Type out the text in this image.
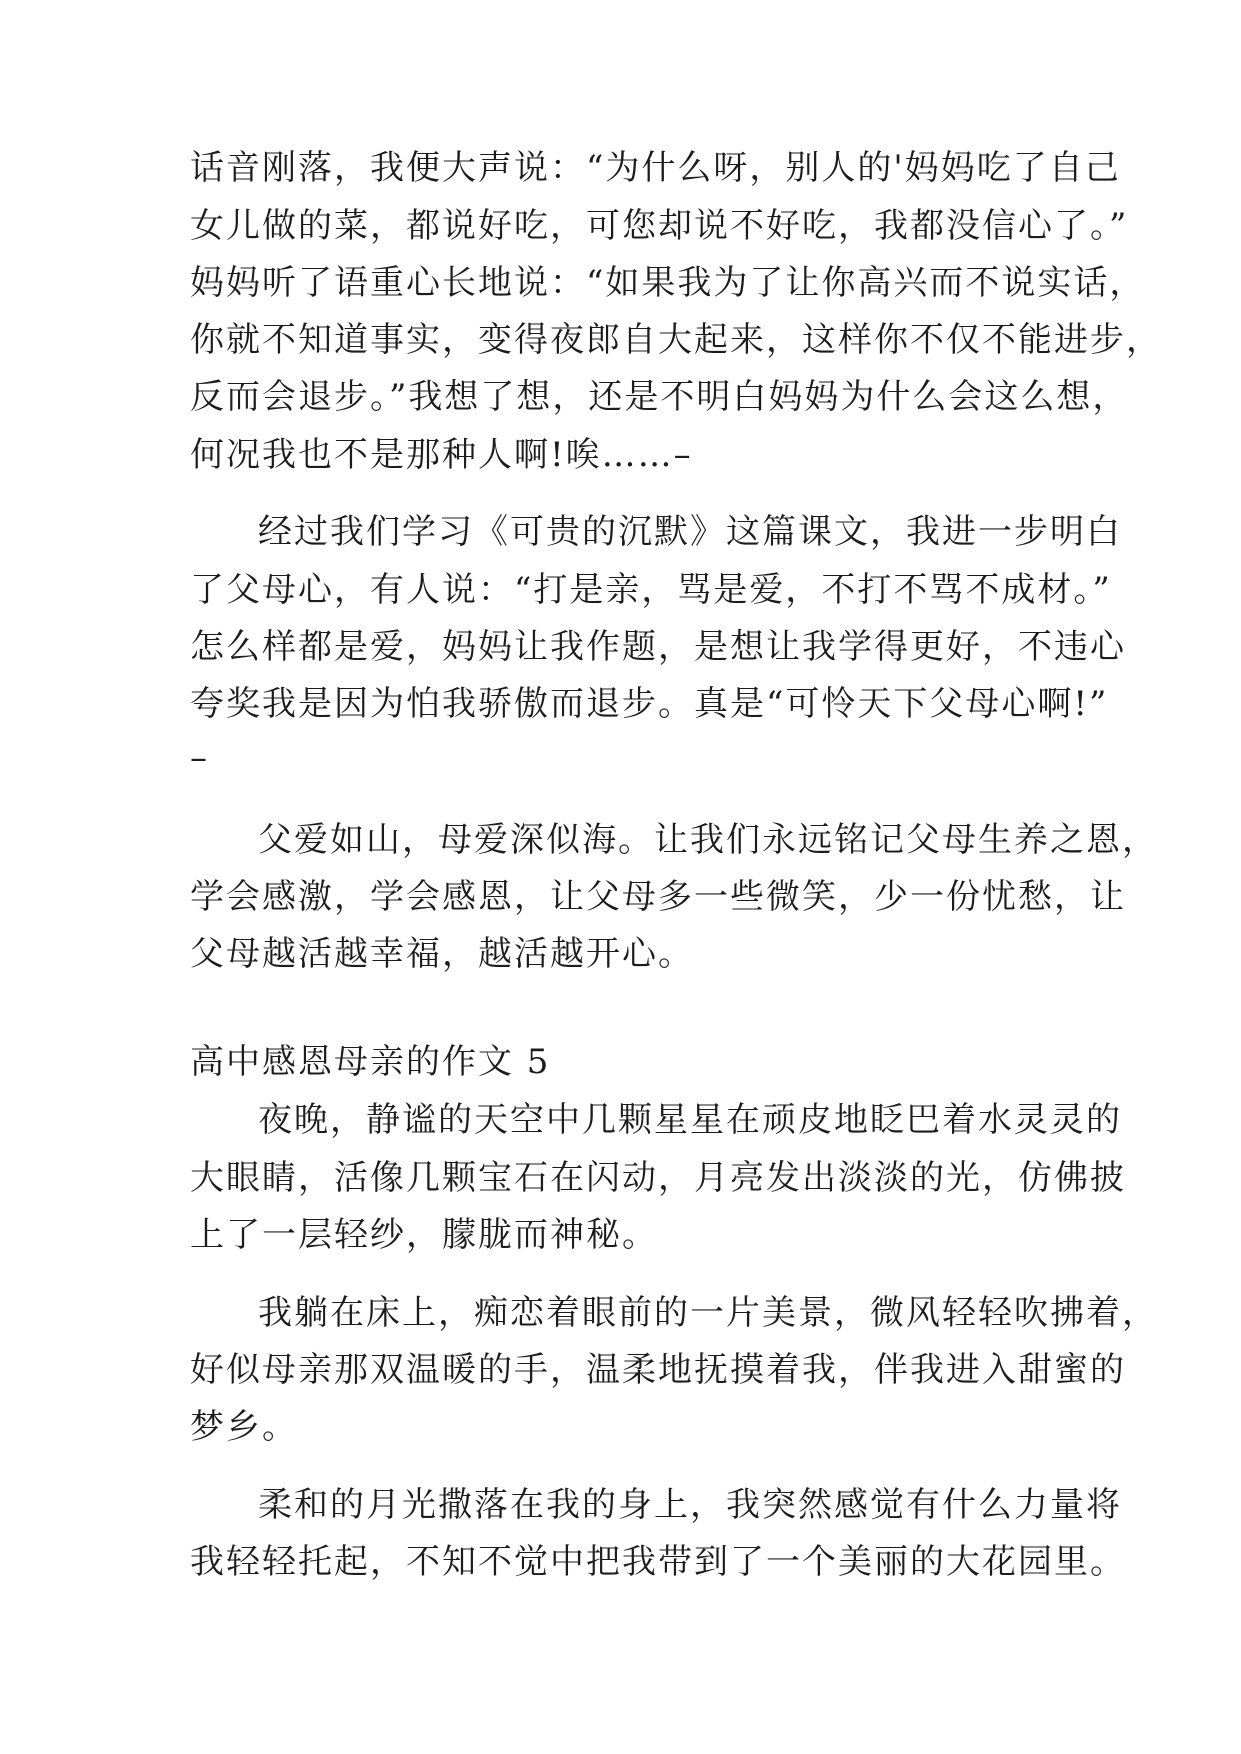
话音刚落，我便大声说：“为什么呀，别人的'妈妈吃了自己
女儿做的菜，都说好吃，可您却说不好吃，我都没信心了。”
妈妈听了语重心长地说：“如果我为了让你高兴而不说实话，
你就不知道事实，变得夜郎自大起来，这样你不仅不能进步，
反而会退步。”我想了想，还是不明白妈妈为什么会这么想，
何况我也不是那种人啊!唉……–
经过我们学习《可贵的沉默》这篇课文，我进一步明白
了父母心，有人说：“打是亲，骂是爱，不打不骂不成材。”
怎么样都是爱，妈妈让我作题，是想让我学得更好，不违心
夸奖我是因为怕我骄傲而退步。真是“可怜天下父母心啊!”
–
父爱如山，母爱深似海。让我们永远铭记父母生养之恩，
学会感激，学会感恩，让父母多一些微笑，少一份忧愁，让
父母越活越幸福，越活越开心。
高中感恩母亲的作文 5
夜晚，静谧的天空中几颗星星在顽皮地眨巴着水灵灵的
大眼睛，活像几颗宝石在闪动，月亮发出淡淡的光，仿佛披
上了一层轻纱，朦胧而神秘。
我躺在床上，痴恋着眼前的一片美景，微风轻轻吹拂着，
好似母亲那双温暖的手，温柔地抚摸着我，伴我进入甜蜜的
梦乡。
柔和的月光撒落在我的身上，我突然感觉有什么力量将
我轻轻托起，不知不觉中把我带到了一个美丽的大花园里。
